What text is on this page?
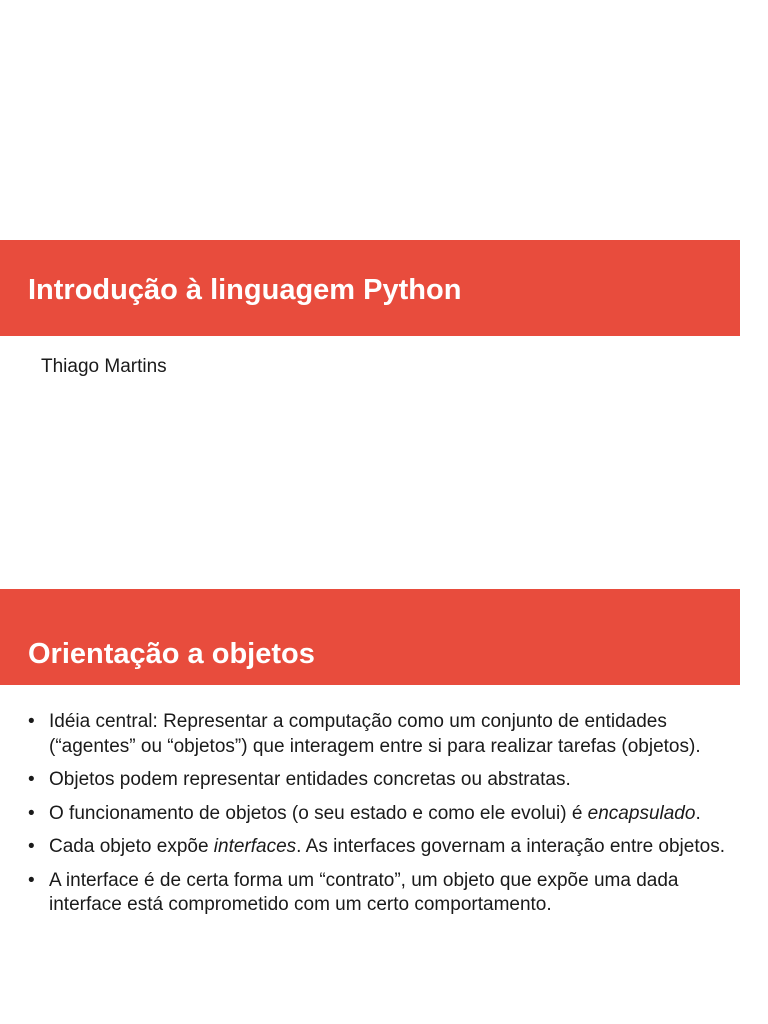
Introdução à linguagem Python

Thiago Martins

Orientação a objetos
• Idéia central: Representar a computação como um conjunto de entidades (“agentes” ou “objetos”) que interagem entre si para realizar tarefas (objetos).
• Objetos podem representar entidades concretas ou abstratas.
• O funcionamento de objetos (o seu estado e como ele evolui) é encapsulado.
• Cada objeto expõe interfaces. As interfaces governam a interação entre objetos.
• A interface é de certa forma um “contrato”, um objeto que expõe uma dada interface está comprometido com um certo comportamento.
